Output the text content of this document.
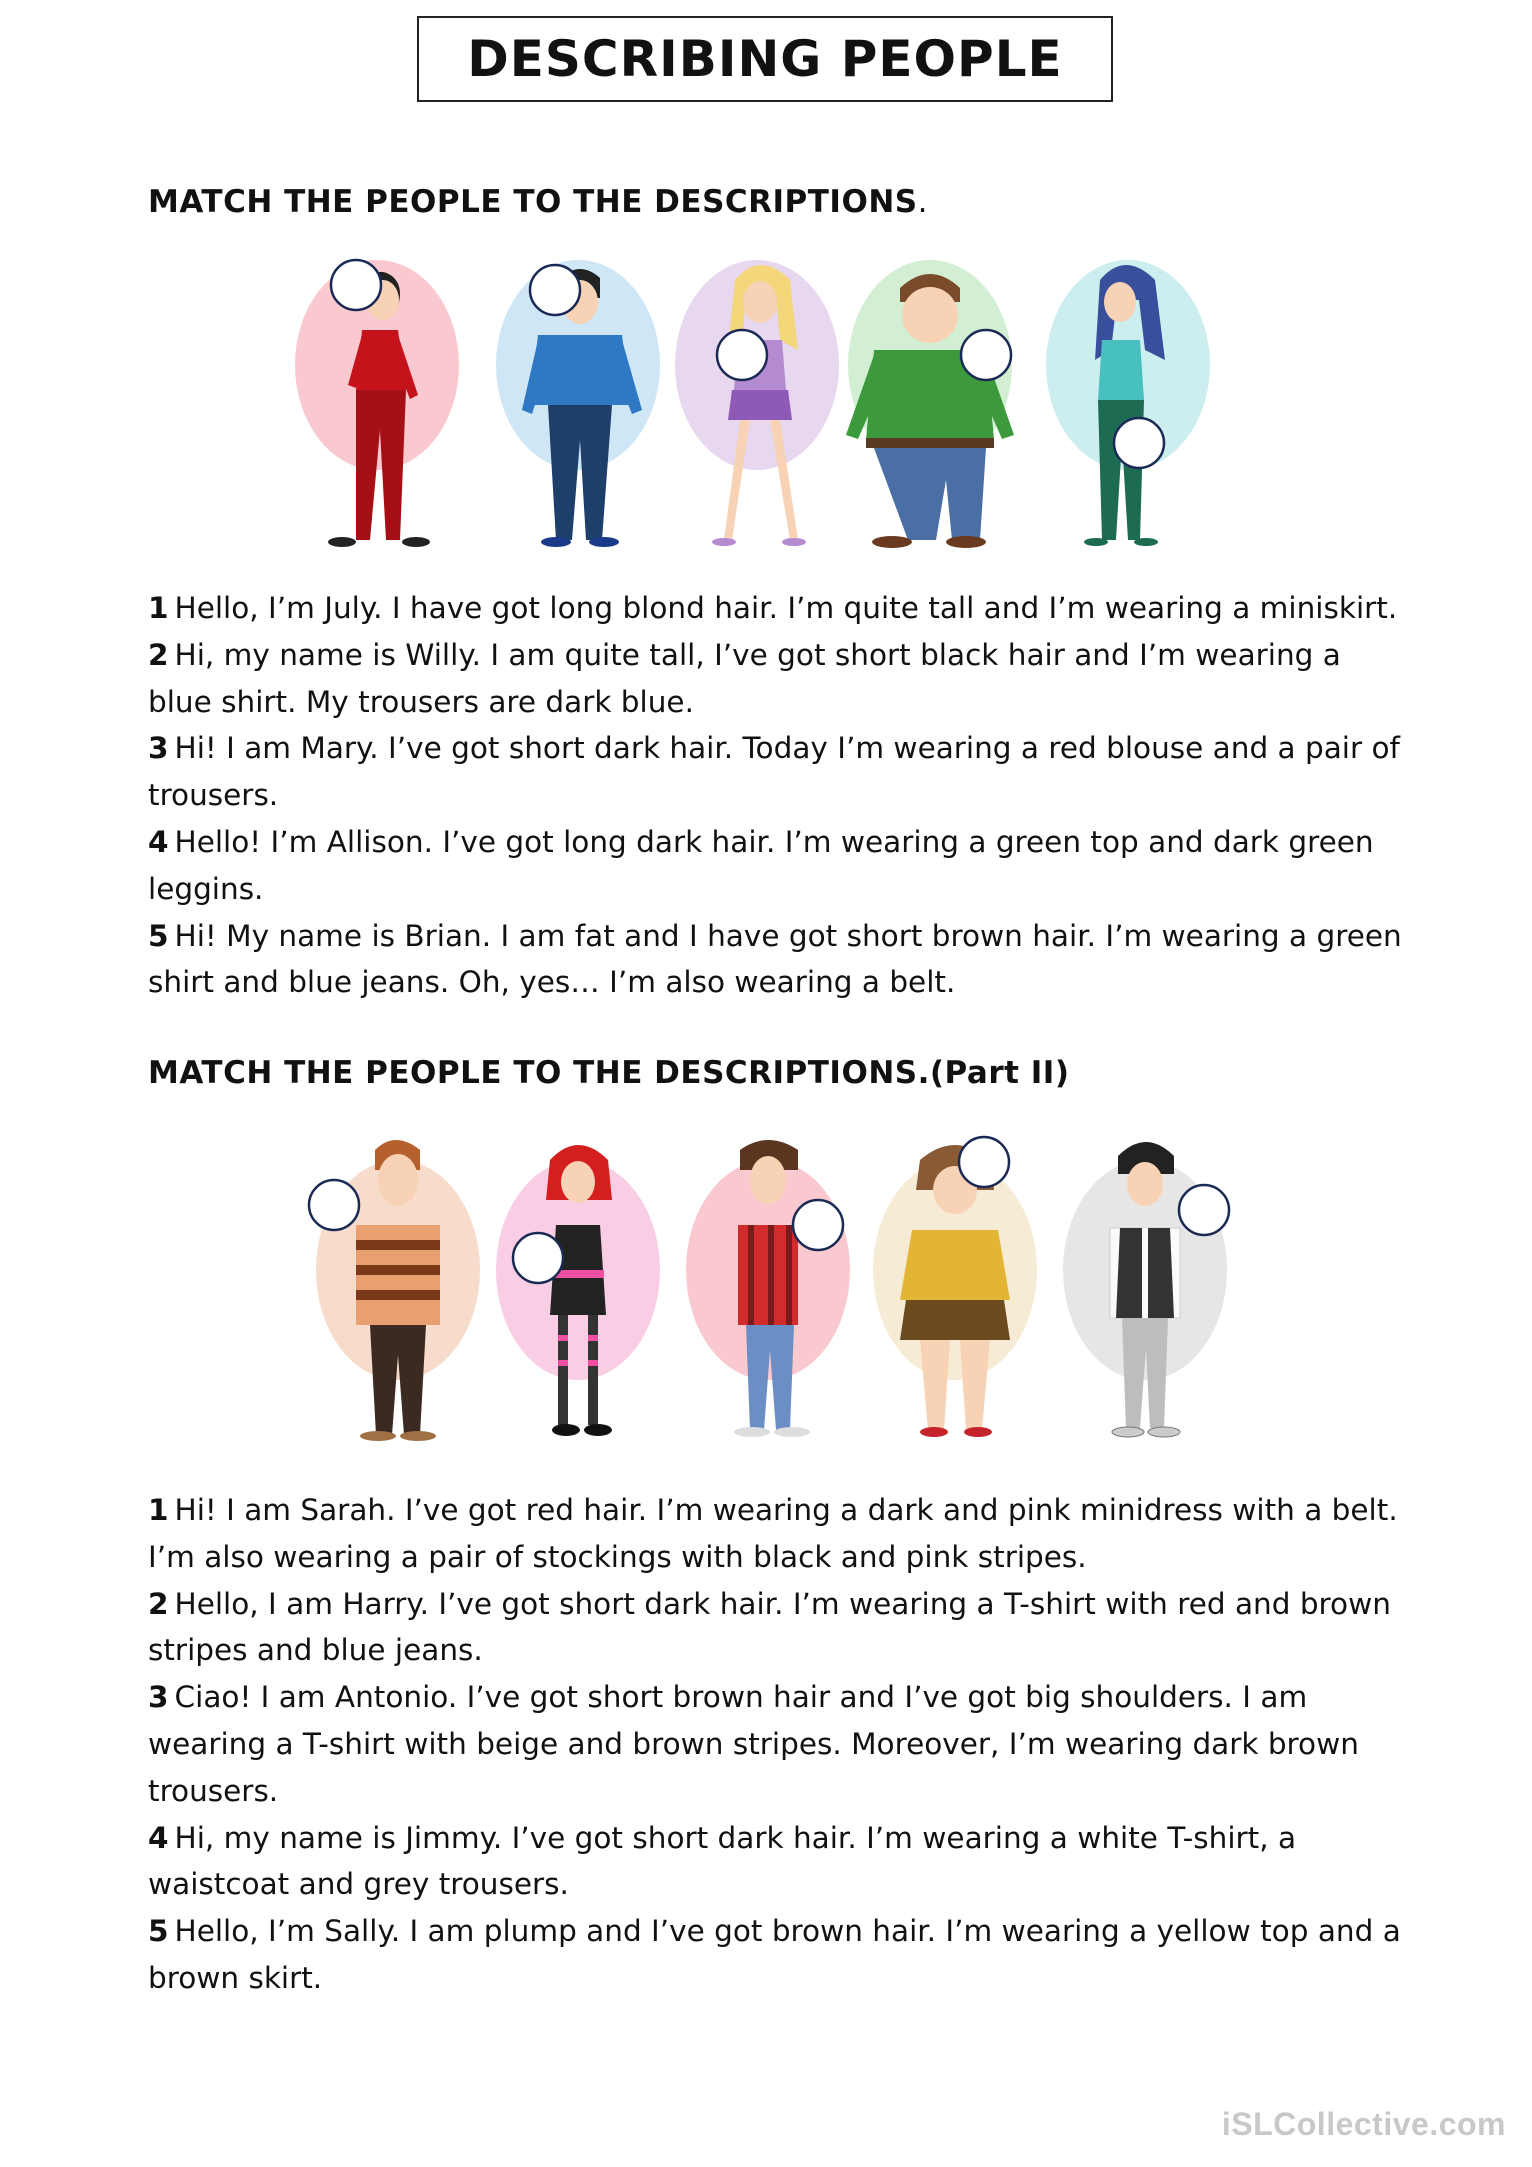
DESCRIBING PEOPLE
MATCH THE PEOPLE TO THE DESCRIPTIONS.

1 Hello, I’m July. I have got long blond hair. I’m quite tall and I’m wearing a miniskirt.

2 Hi, my name is Willy. I am quite tall, I’ve got short black hair and I’m wearing a blue shirt. My trousers are dark blue.

3 Hi! I am Mary. I’ve got short dark hair. Today I’m wearing a red blouse and a pair of trousers.

4 Hello! I’m Allison. I’ve got long dark hair. I’m wearing a green top and dark green leggins.

5 Hi! My name is Brian. I am fat and I have got short brown hair. I’m wearing a green shirt and blue jeans. Oh, yes… I’m also wearing a belt.

MATCH THE PEOPLE TO THE DESCRIPTIONS.(Part II)

1 Hi! I am Sarah. I’ve got red hair. I’m wearing a dark and pink minidress with a belt. I’m also wearing a pair of stockings with black and pink stripes.

2 Hello, I am Harry. I’ve got short dark hair. I’m wearing a T-shirt with red and brown stripes and blue jeans.

3 Ciao! I am Antonio. I’ve got short brown hair and I’ve got big shoulders. I am wearing a T-shirt with beige and brown stripes. Moreover, I’m wearing dark brown trousers.

4 Hi, my name is Jimmy. I’ve got short dark hair. I’m wearing a white T-shirt, a waistcoat and grey trousers.

5 Hello, I’m Sally. I am plump and I’ve got brown hair. I’m wearing a yellow top and a brown skirt.

iSLCollective.com
